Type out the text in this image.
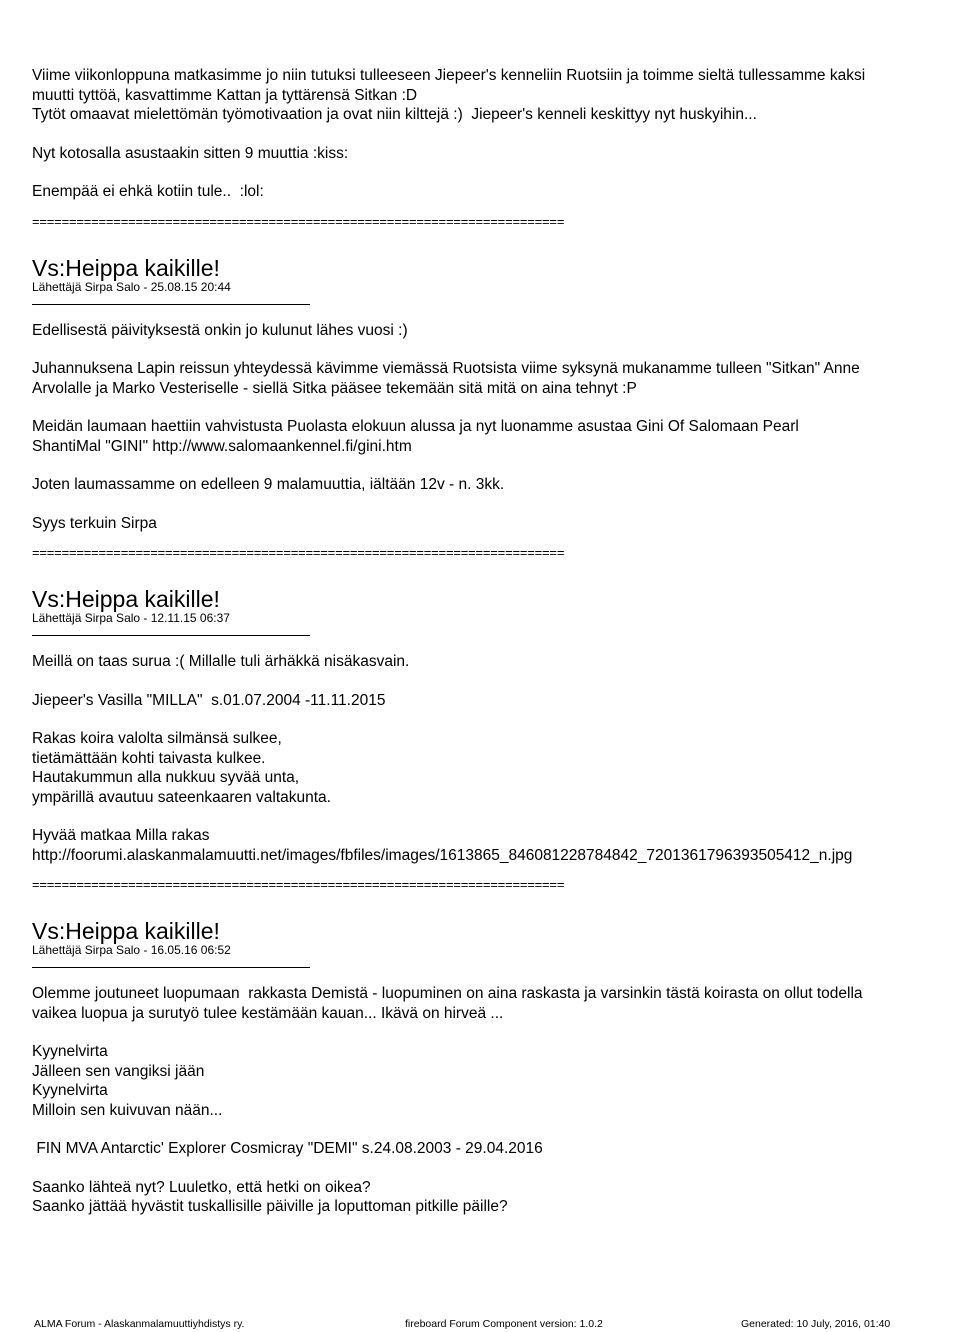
Viime viikonloppuna matkasimme jo niin tutuksi tulleeseen Jiepeer's kenneliin Ruotsiin ja toimme sieltä tullessamme kaksi

muutti tyttöä, kasvattimme Kattan ja tyttärensä Sitkan :D

Tytöt omaavat mielettömän työmotivaation ja ovat niin kilttejä :)  Jiepeer's kenneli keskittyy nyt huskyihin...

Nyt kotosalla asustaakin sitten 9 muuttia :kiss:

Enempää ei ehkä kotiin tule..  :lol:

========================================================================
Vs:Heippa kaikille!
Lähettäjä Sirpa Salo - 25.08.15 20:44

Edellisestä päivityksestä onkin jo kulunut lähes vuosi :)

Juhannuksena Lapin reissun yhteydessä kävimme viemässä Ruotsista viime syksynä mukanamme tulleen "Sitkan" Anne
Arvolalle ja Marko Vesteriselle - siellä Sitka pääsee tekemään sitä mitä on aina tehnyt :P

Meidän laumaan haettiin vahvistusta Puolasta elokuun alussa ja nyt luonamme asustaa Gini Of Salomaan Pearl
ShantiMal "GINI" http://www.salomaankennel.fi/gini.htm

Joten laumassamme on edelleen 9 malamuuttia, iältään 12v - n. 3kk.

Syys terkuin Sirpa

========================================================================
Vs:Heippa kaikille!
Lähettäjä Sirpa Salo - 12.11.15 06:37

Meillä on taas surua :( Millalle tuli ärhäkkä nisäkasvain.

Jiepeer's Vasilla "MILLA"  s.01.07.2004 -11.11.2015

Rakas koira valolta silmänsä sulkee,
tietämättään kohti taivasta kulkee.
Hautakummun alla nukkuu syvää unta,
ympärillä avautuu sateenkaaren valtakunta.

Hyvää matkaa Milla rakas
http://foorumi.alaskanmalamuutti.net/images/fbfiles/images/1613865_846081228784842_7201361796393505412_n.jpg

========================================================================
Vs:Heippa kaikille!
Lähettäjä Sirpa Salo - 16.05.16 06:52

Olemme joutuneet luopumaan  rakkasta Demistä - luopuminen on aina raskasta ja varsinkin tästä koirasta on ollut todella
vaikea luopua ja surutyö tulee kestämään kauan... Ikävä on hirveä ...

Kyynelvirta
Jälleen sen vangiksi jään
Kyynelvirta
Milloin sen kuivuvan nään...

FIN MVA Antarctic' Explorer Cosmicray "DEMI" s.24.08.2003 - 29.04.2016

Saanko lähteä nyt? Luuletko, että hetki on oikea?
Saanko jättää hyvästit tuskallisille päiville ja loputtoman pitkille päille?

ALMA Forum - Alaskanmalamuuttiyhdistys ry.	fireboard Forum Component version: 1.0.2	Generated: 10 July, 2016, 01:40
